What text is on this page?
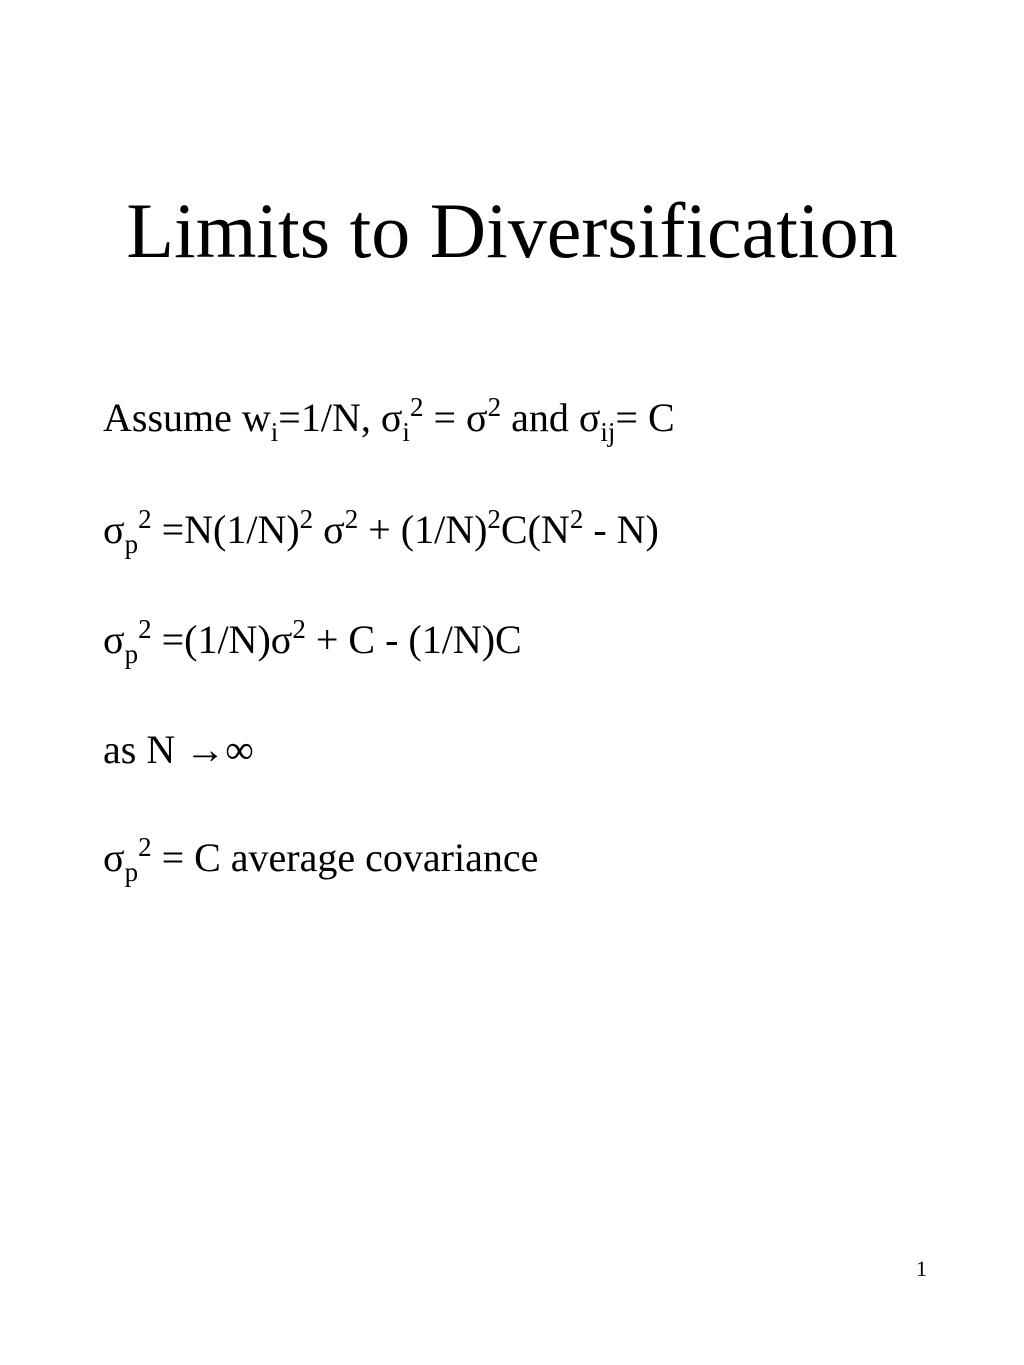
Limits to Diversification
Assume $w_i=1/N$, $\sigma_i^2 = \sigma^2$ and $\sigma_{ij}= C$
$\sigma_p^2 =N(1/N)^2$ $\sigma^2 + (1/N)^2C(N^2 - N)$
$\sigma_p^2 =(1/N)\sigma^2 + C - (1/N)C$
as N →∞
$\sigma_p^2 = C$ average covariance
1
